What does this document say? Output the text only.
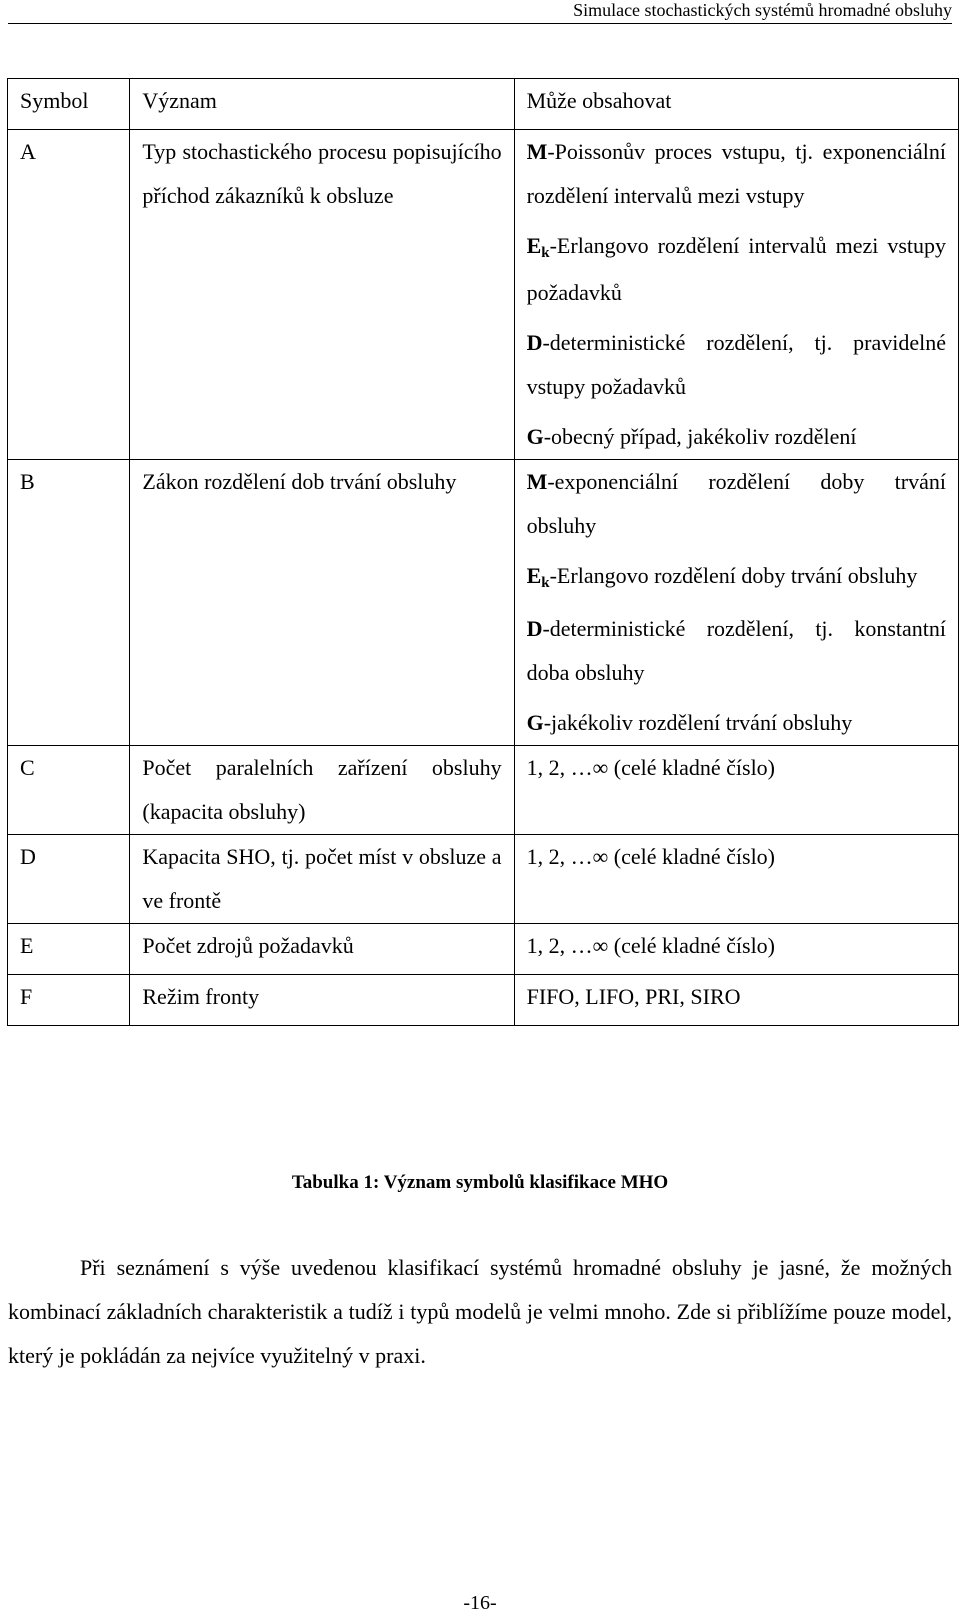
Simulace stochastických systémů hromadné obsluhy
Symbol	Význam	Může obsahovat
A	Typ stochastického procesu popisujícího příchod zákazníků k obsluze	M-Poissonův proces vstupu, tj. exponenciální rozdělení intervalů mezi vstupy
Ek-Erlangovo rozdělení intervalů mezi vstupy požadavků
D-deterministické rozdělení, tj. pravidelné vstupy požadavků
G-obecný případ, jakékoliv rozdělení

B	Zákon rozdělení dob trvání obsluhy	M-exponenciální rozdělení doby trvání obsluhy
Ek-Erlangovo rozdělení doby trvání obsluhy
D-deterministické rozdělení, tj. konstantní doba obsluhy
G-jakékoliv rozdělení trvání obsluhy

C	Počet paralelních zařízení obsluhy (kapacita obsluhy)	1, 2, …∞ (celé kladné číslo)
D	Kapacita SHO, tj. počet míst v obsluze a ve frontě	1, 2, …∞ (celé kladné číslo)
E	Počet zdrojů požadavků	1, 2, …∞ (celé kladné číslo)
F	Režim fronty	FIFO, LIFO, PRI, SIRO
Tabulka 1: Význam symbolů klasifikace MHO
Při seznámení s výše uvedenou klasifikací systémů hromadné obsluhy je jasné, že možných kombinací základních charakteristik a tudíž i typů modelů je velmi mnoho. Zde si přiblížíme pouze model, který je pokládán za nejvíce využitelný v praxi.
-16-
